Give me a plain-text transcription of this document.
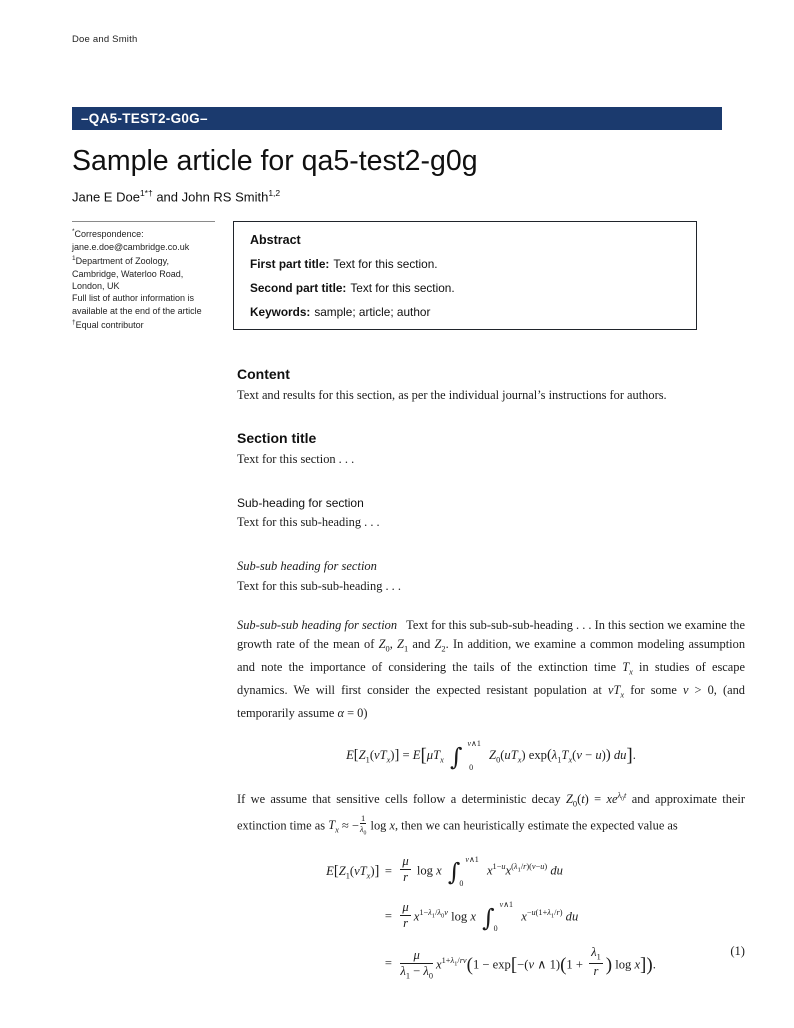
Doe and Smith
–QA5-TEST2-G0G–
Sample article for qa5-test2-g0g
Jane E Doe$^{1*\dagger}$ and John RS Smith$^{1,2}$
*Correspondence:
jane.e.doe@cambridge.co.uk
$^1$Department of Zoology,
Cambridge, Waterloo Road,
London, UK
Full list of author information is
available at the end of the article
†Equal contributor
Abstract
First part title: Text for this section.
Second part title: Text for this section.
Keywords: sample; article; author
Content

Text and results for this section, as per the individual journal’s instructions for authors.

Section title

Text for this section . . .

Sub-heading for section

Text for this sub-heading . . .

Sub-sub heading for section

Text for this sub-sub-heading . . .

Sub-sub-sub heading for section   Text for this sub-sub-sub-heading . . . In this section we examine the growth rate of the mean of $Z_0$, $Z_1$ and $Z_2$. In addition, we examine a common modeling assumption and note the importance of considering the tails of the extinction time $T_x$ in studies of escape dynamics. We will first consider the expected resistant population at $vT_x$ for some v > 0, (and temporarily assume α = 0)

$E[Z_1(vT_x)] = E[\mu T_x$ ∫ v∧1
0
$Z_0(uT_x) \exp(\lambda_1T_x(v - u))$ du].

If we assume that sensitive cells follow a deterministic decay $Z_0(t) = xe^{\lambda_0t}$ and approximate their extinction time as $T_x$ ≈ − $\frac{1}{\lambda_0}$ log x, then we can heuristically estimate the expected value as

$E[Z_1(vT_x)] = \frac{\mu}{r}$ log x ∫ v∧1
0
$x^{1-u}x^{(\lambda_1/r)(v-u)}$ du
= $\frac{\mu}{r} x^{1-\lambda_1/\lambda_0v}$ log x ∫ v∧1
0
$x^{-u(1+\lambda_1/r)}$ du
= $\frac{\mu}{\lambda_1 - \lambda_0} x^{1+\lambda_1/rv}(1 - \exp[-(v$ ∧ $1)(1 + \frac{\lambda_1}{r}$ ) log x]).
(1)
